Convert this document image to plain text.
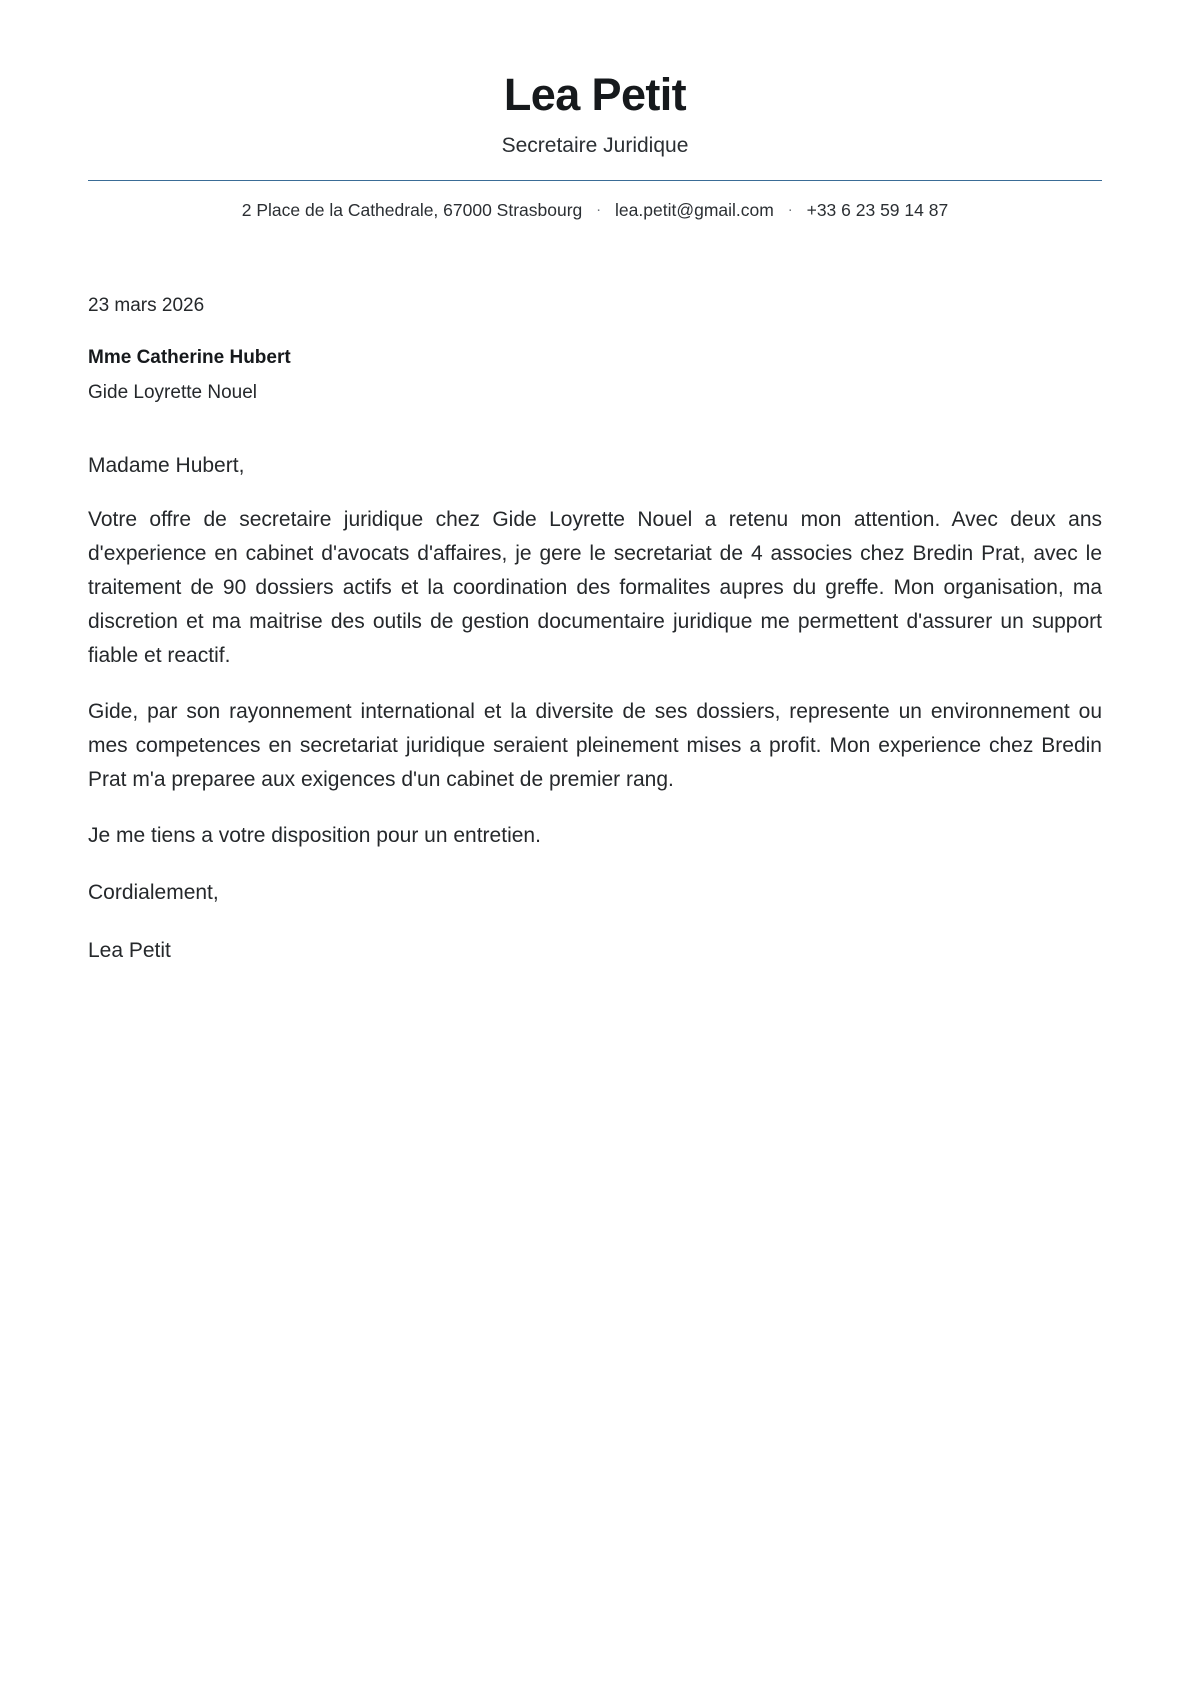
Lea Petit
Secretaire Juridique
2 Place de la Cathedrale, 67000 Strasbourg · lea.petit@gmail.com · +33 6 23 59 14 87
23 mars 2026
Mme Catherine Hubert
Gide Loyrette Nouel
Madame Hubert,

Votre offre de secretaire juridique chez Gide Loyrette Nouel a retenu mon attention. Avec deux ans d'experience en cabinet d'avocats d'affaires, je gere le secretariat de 4 associes chez Bredin Prat, avec le traitement de 90 dossiers actifs et la coordination des formalites aupres du greffe. Mon organisation, ma discretion et ma maitrise des outils de gestion documentaire juridique me permettent d'assurer un support fiable et reactif.

Gide, par son rayonnement international et la diversite de ses dossiers, represente un environnement ou mes competences en secretariat juridique seraient pleinement mises a profit. Mon experience chez Bredin Prat m'a preparee aux exigences d'un cabinet de premier rang.

Je me tiens a votre disposition pour un entretien.

Cordialement,
Lea Petit
